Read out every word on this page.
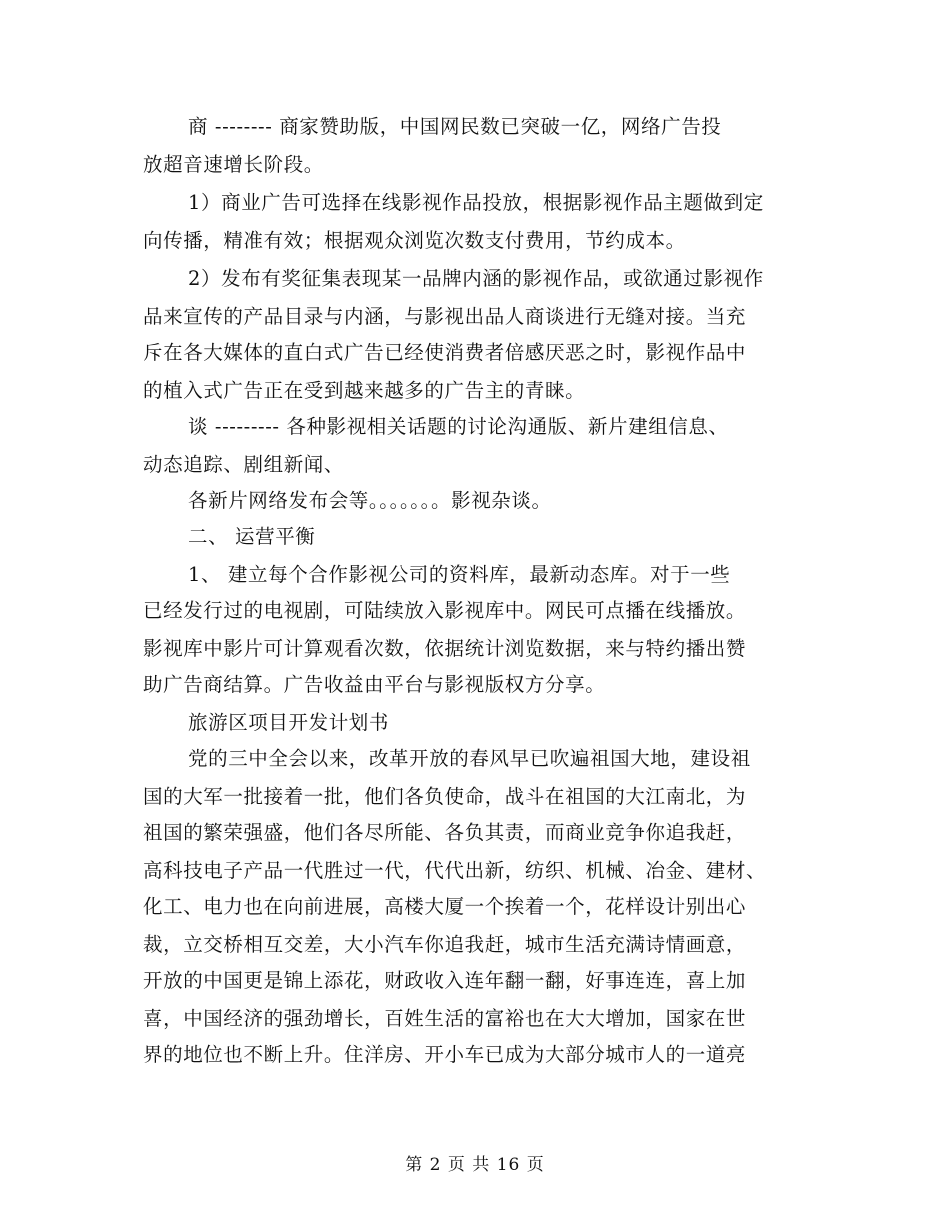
商 -------- 商家赞助版，中国网民数已突破一亿，网络广告投
放超音速增长阶段。
1）商业广告可选择在线影视作品投放，根据影视作品主题做到定
向传播，精准有效；根据观众浏览次数支付费用，节约成本。
2）发布有奖征集表现某一品牌内涵的影视作品，或欲通过影视作
品来宣传的产品目录与内涵，与影视出品人商谈进行无缝对接。当充
斥在各大媒体的直白式广告已经使消费者倍感厌恶之时，影视作品中
的植入式广告正在受到越来越多的广告主的青睐。
谈 --------- 各种影视相关话题的讨论沟通版、新片建组信息、
动态追踪、剧组新闻、
各新片网络发布会等。。。。。。。影视杂谈。
二、 运营平衡
1、 建立每个合作影视公司的资料库，最新动态库。对于一些
已经发行过的电视剧，可陆续放入影视库中。网民可点播在线播放。
影视库中影片可计算观看次数，依据统计浏览数据，来与特约播出赞
助广告商结算。广告收益由平台与影视版权方分享。
旅游区项目开发计划书
党的三中全会以来，改革开放的春风早已吹遍祖国大地，建设祖
国的大军一批接着一批，他们各负使命，战斗在祖国的大江南北，为
祖国的繁荣强盛，他们各尽所能、各负其责，而商业竞争你追我赶，
高科技电子产品一代胜过一代，代代出新，纺织、机械、冶金、建材、
化工、电力也在向前进展，高楼大厦一个挨着一个，花样设计别出心
裁，立交桥相互交差，大小汽车你追我赶，城市生活充满诗情画意，
开放的中国更是锦上添花，财政收入连年翻一翻，好事连连，喜上加
喜，中国经济的强劲增长，百姓生活的富裕也在大大增加，国家在世
界的地位也不断上升。住洋房、开小车已成为大部分城市人的一道亮
第 2 页 共 16 页
